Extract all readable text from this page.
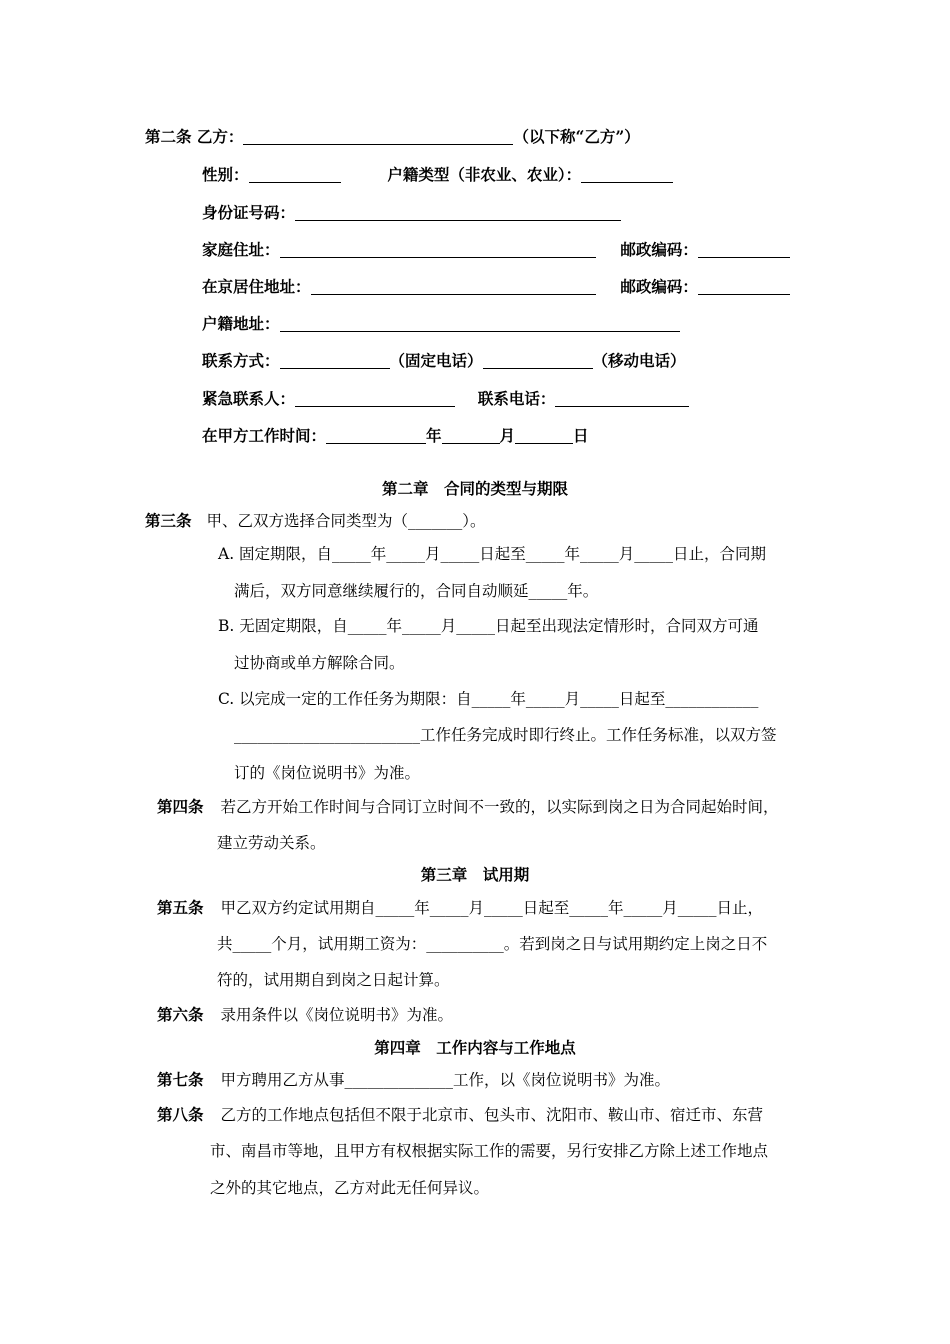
第二条 乙方：	（以下称“乙方”）
性别：	户籍类型（非农业、农业）：
身份证号码：
家庭住址：	邮政编码：
在京居住地址：	邮政编码：
户籍地址：
联系方式：	（固定电话）	（移动电话）
紧急联系人：	联系电话：
在甲方工作时间：	年	月	日
第二章　合同的类型与期限
第三条 甲、乙双方选择合同类型为（_______）。
A. 固定期限，自_____年_____月_____日起至_____年_____月_____日止，合同期
满后，双方同意继续履行的，合同自动顺延_____年。
B. 无固定期限，自_____年_____月_____日起至出现法定情形时，合同双方可通
过协商或单方解除合同。
C. 以完成一定的工作任务为期限：自_____年_____月_____日起至____________
________________________工作任务完成时即行终止。工作任务标准，以双方签
订的《岗位说明书》为准。
第四条 若乙方开始工作时间与合同订立时间不一致的，以实际到岗之日为合同起始时间，
建立劳动关系。
第三章　试用期
第五条 甲乙双方约定试用期自_____年_____月_____日起至_____年_____月_____日止，
共_____个月，试用期工资为：__________。若到岗之日与试用期约定上岗之日不
符的，试用期自到岗之日起计算。
第六条 录用条件以《岗位说明书》为准。
第四章　工作内容与工作地点
第七条 甲方聘用乙方从事______________工作，以《岗位说明书》为准。
第八条 乙方的工作地点包括但不限于北京市、包头市、沈阳市、鞍山市、宿迁市、东营
市、南昌市等地，且甲方有权根据实际工作的需要，另行安排乙方除上述工作地点
之外的其它地点，乙方对此无任何异议。
